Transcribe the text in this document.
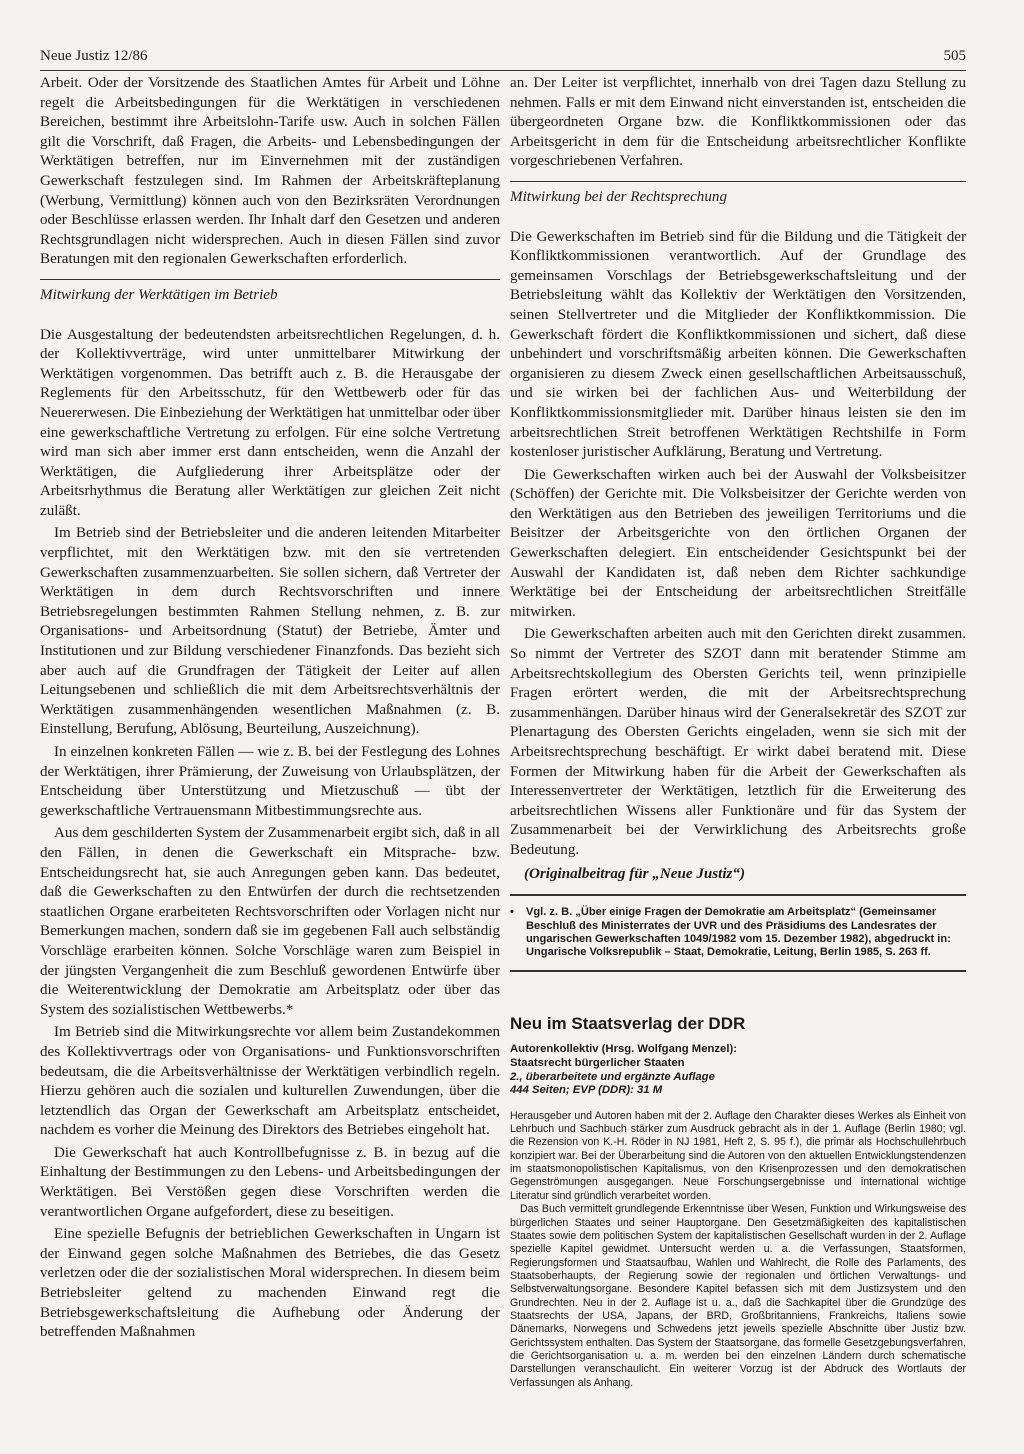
Neue Justiz 12/86	505

Arbeit. Oder der Vorsitzende des Staatlichen Amtes für Arbeit und Löhne regelt die Arbeitsbedingungen für die Werktätigen in verschiedenen Bereichen, bestimmt ihre Arbeitslohn-Tarife usw. Auch in solchen Fällen gilt die Vorschrift, daß Fragen, die Arbeits- und Lebensbedingungen der Werktätigen betreffen, nur im Einvernehmen mit der zuständigen Gewerkschaft festzulegen sind. Im Rahmen der Arbeitskräfteplanung (Werbung, Vermittlung) können auch von den Bezirksräten Verordnungen oder Beschlüsse erlassen werden. Ihr Inhalt darf den Gesetzen und anderen Rechtsgrundlagen nicht widersprechen. Auch in diesen Fällen sind zuvor Beratungen mit den regionalen Gewerkschaften erforderlich.

Mitwirkung der Werktätigen im Betrieb

Die Ausgestaltung der bedeutendsten arbeitsrechtlichen Regelungen, d. h. der Kollektivverträge, wird unter unmittelbarer Mitwirkung der Werktätigen vorgenommen. Das betrifft auch z. B. die Herausgabe der Reglements für den Arbeitsschutz, für den Wettbewerb oder für das Neuererwesen. Die Einbeziehung der Werktätigen hat unmittelbar oder über eine gewerkschaftliche Vertretung zu erfolgen. Für eine solche Vertretung wird man sich aber immer erst dann entscheiden, wenn die Anzahl der Werktätigen, die Aufgliederung ihrer Arbeitsplätze oder der Arbeitsrhythmus die Beratung aller Werktätigen zur gleichen Zeit nicht zuläßt.

Im Betrieb sind der Betriebsleiter und die anderen leitenden Mitarbeiter verpflichtet, mit den Werktätigen bzw. mit den sie vertretenden Gewerkschaften zusammenzuarbeiten. Sie sollen sichern, daß Vertreter der Werktätigen in dem durch Rechtsvorschriften und innere Betriebsregelungen bestimmten Rahmen Stellung nehmen, z. B. zur Organisations- und Arbeitsordnung (Statut) der Betriebe, Ämter und Institutionen und zur Bildung verschiedener Finanzfonds. Das bezieht sich aber auch auf die Grundfragen der Tätigkeit der Leiter auf allen Leitungsebenen und schließlich die mit dem Arbeitsrechtsverhältnis der Werktätigen zusammenhängenden wesentlichen Maßnahmen (z. B. Einstellung, Berufung, Ablösung, Beurteilung, Auszeichnung).

In einzelnen konkreten Fällen — wie z. B. bei der Festlegung des Lohnes der Werktätigen, ihrer Prämierung, der Zuweisung von Urlaubsplätzen, der Entscheidung über Unterstützung und Mietzuschuß — übt der gewerkschaftliche Vertrauensmann Mitbestimmungsrechte aus.

Aus dem geschilderten System der Zusammenarbeit ergibt sich, daß in all den Fällen, in denen die Gewerkschaft ein Mitsprache- bzw. Entscheidungsrecht hat, sie auch Anregungen geben kann. Das bedeutet, daß die Gewerkschaften zu den Entwürfen der durch die rechtsetzenden staatlichen Organe erarbeiteten Rechtsvorschriften oder Vorlagen nicht nur Bemerkungen machen, sondern daß sie im gegebenen Fall auch selbständig Vorschläge erarbeiten können. Solche Vorschläge waren zum Beispiel in der jüngsten Vergangenheit die zum Beschluß gewordenen Entwürfe über die Weiterentwicklung der Demokratie am Arbeitsplatz oder über das System des sozialistischen Wettbewerbs.*

Im Betrieb sind die Mitwirkungsrechte vor allem beim Zustandekommen des Kollektivvertrags oder von Organisations- und Funktionsvorschriften bedeutsam, die die Arbeitsverhältnisse der Werktätigen verbindlich regeln. Hierzu gehören auch die sozialen und kulturellen Zuwendungen, über die letztendlich das Organ der Gewerkschaft am Arbeitsplatz entscheidet, nachdem es vorher die Meinung des Direktors des Betriebes eingeholt hat.

Die Gewerkschaft hat auch Kontrollbefugnisse z. B. in bezug auf die Einhaltung der Bestimmungen zu den Lebens- und Arbeitsbedingungen der Werktätigen. Bei Verstößen gegen diese Vorschriften werden die verantwortlichen Organe aufgefordert, diese zu beseitigen.

Eine spezielle Befugnis der betrieblichen Gewerkschaften in Ungarn ist der Einwand gegen solche Maßnahmen des Betriebes, die das Gesetz verletzen oder die der sozialistischen Moral widersprechen. In diesem beim Betriebsleiter geltend zu machenden Einwand regt die Betriebsgewerkschaftsleitung die Aufhebung oder Änderung der betreffenden Maßnahmen

an. Der Leiter ist verpflichtet, innerhalb von drei Tagen dazu Stellung zu nehmen. Falls er mit dem Einwand nicht einverstanden ist, entscheiden die übergeordneten Organe bzw. die Konfliktkommissionen oder das Arbeitsgericht in dem für die Entscheidung arbeitsrechtlicher Konflikte vorgeschriebenen Verfahren.

Mitwirkung bei der Rechtsprechung

Die Gewerkschaften im Betrieb sind für die Bildung und die Tätigkeit der Konfliktkommissionen verantwortlich. Auf der Grundlage des gemeinsamen Vorschlags der Betriebsgewerkschaftsleitung und der Betriebsleitung wählt das Kollektiv der Werktätigen den Vorsitzenden, seinen Stellvertreter und die Mitglieder der Konfliktkommission. Die Gewerkschaft fördert die Konfliktkommissionen und sichert, daß diese unbehindert und vorschriftsmäßig arbeiten können. Die Gewerkschaften organisieren zu diesem Zweck einen gesellschaftlichen Arbeitsausschuß, und sie wirken bei der fachlichen Aus- und Weiterbildung der Konfliktkommissionsmitglieder mit. Darüber hinaus leisten sie den im arbeitsrechtlichen Streit betroffenen Werktätigen Rechtshilfe in Form kostenloser juristischer Aufklärung, Beratung und Vertretung.

Die Gewerkschaften wirken auch bei der Auswahl der Volksbeisitzer (Schöffen) der Gerichte mit. Die Volksbeisitzer der Gerichte werden von den Werktätigen aus den Betrieben des jeweiligen Territoriums und die Beisitzer der Arbeitsgerichte von den örtlichen Organen der Gewerkschaften delegiert. Ein entscheidender Gesichtspunkt bei der Auswahl der Kandidaten ist, daß neben dem Richter sachkundige Werktätige bei der Entscheidung der arbeitsrechtlichen Streitfälle mitwirken.

Die Gewerkschaften arbeiten auch mit den Gerichten direkt zusammen. So nimmt der Vertreter des SZOT dann mit beratender Stimme am Arbeitsrechtskollegium des Obersten Gerichts teil, wenn prinzipielle Fragen erörtert werden, die mit der Arbeitsrechtsprechung zusammenhängen. Darüber hinaus wird der Generalsekretär des SZOT zur Plenartagung des Obersten Gerichts eingeladen, wenn sie sich mit der Arbeitsrechtsprechung beschäftigt. Er wirkt dabei beratend mit. Diese Formen der Mitwirkung haben für die Arbeit der Gewerkschaften als Interessenvertreter der Werktätigen, letztlich für die Erweiterung des arbeitsrechtlichen Wissens aller Funktionäre und für das System der Zusammenarbeit bei der Verwirklichung des Arbeitsrechts große Bedeutung.

(Originalbeitrag für „Neue Justiz“)

•	Vgl. z. B. „Über einige Fragen der Demokratie am Arbeitsplatz“ (Gemeinsamer Beschluß des Ministerrates der UVR und des Präsidiums des Landesrates der ungarischen Gewerkschaften 1049/1982 vom 15. Dezember 1982), abgedruckt in: Ungarische Volksrepublik – Staat, Demokratie, Leitung, Berlin 1985, S. 263 ff.

Neu im Staatsverlag der DDR

Autorenkollektiv (Hrsg. Wolfgang Menzel):
Staatsrecht bürgerlicher Staaten
2., überarbeitete und ergänzte Auflage
444 Seiten; EVP (DDR): 31 M

Herausgeber und Autoren haben mit der 2. Auflage den Charakter dieses Werkes als Einheit von Lehrbuch und Sachbuch stärker zum Ausdruck gebracht als in der 1. Auflage (Berlin 1980; vgl. die Rezension von K.-H. Röder in NJ 1981, Heft 2, S. 95 f.), die primär als Hochschullehrbuch konzipiert war. Bei der Überarbeitung sind die Autoren von den aktuellen Entwicklungstendenzen im staatsmonopolistischen Kapitalismus, von den Krisenprozessen und den demokratischen Gegenströmungen ausgegangen. Neue Forschungsergebnisse und international wichtige Literatur sind gründlich verarbeitet worden.

Das Buch vermittelt grundlegende Erkenntnisse über Wesen, Funktion und Wirkungsweise des bürgerlichen Staates und seiner Hauptorgane. Den Gesetzmäßigkeiten des kapitalistischen Staates sowie dem politischen System der kapitalistischen Gesellschaft wurden in der 2. Auflage spezielle Kapitel gewidmet. Untersucht werden u. a. die Verfassungen, Staatsformen, Regierungsformen und Staatsaufbau, Wahlen und Wahlrecht, die Rolle des Parlaments, des Staatsoberhaupts, der Regierung sowie der regionalen und örtlichen Verwaltungs- und Selbstverwaltungsorgane. Besondere Kapitel befassen sich mit dem Justizsystem und den Grundrechten. Neu in der 2. Auflage ist u. a., daß die Sachkapitel über die Grundzüge des Staatsrechts der USA, Japans, der BRD, Großbritanniens, Frankreichs, Italiens sowie Dänemarks, Norwegens und Schwedens jetzt jeweils spezielle Abschnitte über Justiz bzw. Gerichtssystem enthalten. Das System der Staatsorgane, das formelle Gesetzgebungsverfahren, die Gerichtsorganisation u. a. m. werden bei den einzelnen Ländern durch schematische Darstellungen veranschaulicht. Ein weiterer Vorzug ist der Abdruck des Wortlauts der Verfassungen als Anhang.
